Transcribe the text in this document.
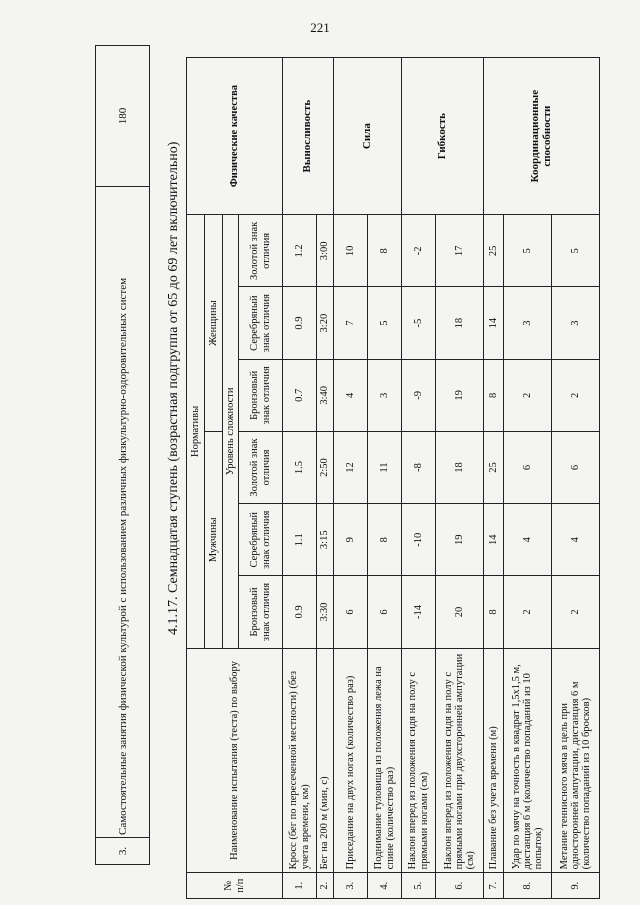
221
3.	Самостоятельные занятия физической культурой с использованием различных физкультурно-оздоровительных систем	180
4.1.17. Семнадцатая ступень (возрастная подгруппа от 65 до 69 лет включительно)
№ п/п	Наименование испытания (теста) по выбору	Нормативы						Физические качества
		Мужчины			Женщины			
		Уровень сложности						
		Бронзовый знак отличия	Серебряный знак отличия	Золотой знак отличия	Бронзовый знак отличия	Серебряный знак отличия	Золотой знак отличия	
1.	Кросс (бег по пересеченной местности) (без учета времени, км)	0.9	1.1	1.5	0.7	0.9	1.2	Выносливость
2.	Бег на 200 м (мин, с)	3:30	3:15	2:50	3:40	3:20	3:00	
3.	Приседание на двух ногах (количество раз)	6	9	12	4	7	10	Сила
4.	Поднимание туловища из положения лежа на спине (количество раз)	6	8	11	3	5	8	
5.	Наклон вперед из положения сидя на полу с прямыми ногами (см)	-14	-10	-8	-9	-5	-2	Гибкость
6.	Наклон вперед из положения сидя на полу с прямыми ногами при двухсторонней ампутации (см)	20	19	18	19	18	17	
7.	Плавание без учета времени (м)	8	14	25	8	14	25	Координационные способности
8.	Удар по мячу на точность в квадрат 1,5х1,5 м, дистанция 6 м (количество попаданий из 10 попыток)	2	4	6	2	3	5	
9.	Метание теннисного мяча в цель при односторонней ампутации, дистанция 6 м (количество попаданий из 10 бросков)	2	4	6	2	3	5	
